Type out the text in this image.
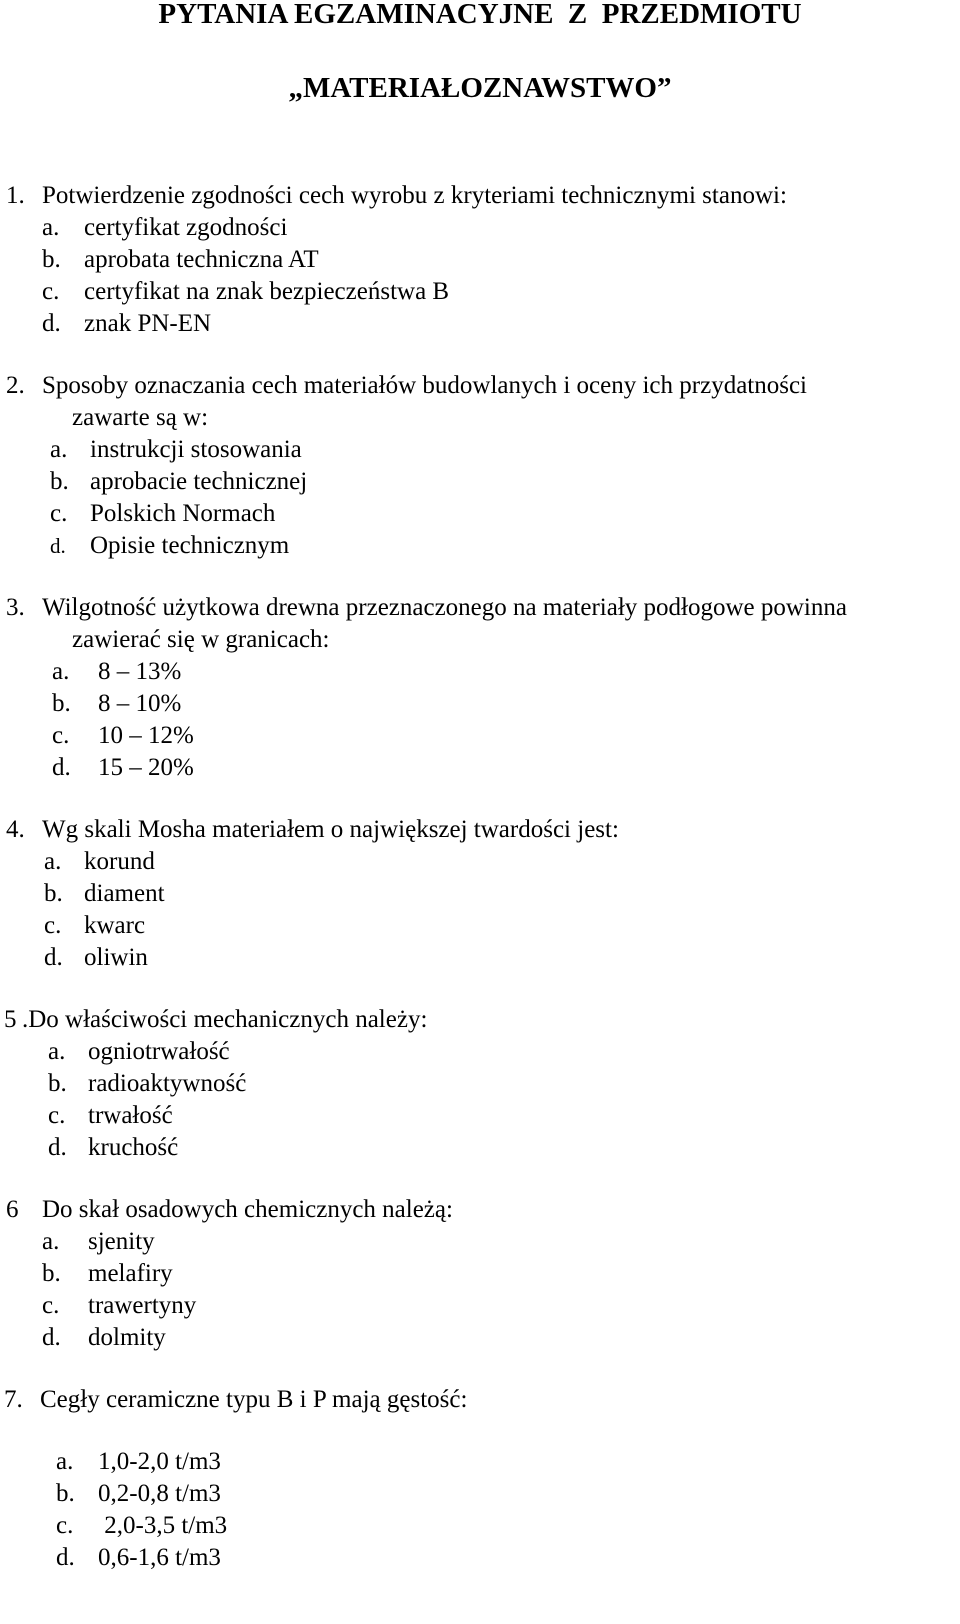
PYTANIA EGZAMINACYJNE  Z  PRZEDMIOTU
„MATERIAŁOZNAWSTWO”
1. Potwierdzenie zgodności cech wyrobu z kryteriami technicznymi stanowi:
a. certyfikat zgodności
b. aprobata techniczna AT
c. certyfikat na znak bezpieczeństwa B
d. znak PN-EN
2. Sposoby oznaczania cech materiałów budowlanych i oceny ich przydatności
zawarte są w:
a. instrukcji stosowania
b. aprobacie technicznej
c. Polskich Normach
d. Opisie technicznym
3. Wilgotność użytkowa drewna przeznaczonego na materiały podłogowe powinna
zawierać się w granicach:
a. 8 – 13%
b. 8 – 10%
c. 10 – 12%
d. 15 – 20%
4. Wg skali Mosha materiałem o największej twardości jest:
a. korund
b. diament
c. kwarc
d. oliwin
5 .Do właściwości mechanicznych należy:
a. ogniotrwałość
b. radioaktywność
c. trwałość
d. kruchość
6 Do skał osadowych chemicznych należą:
a. sjenity
b. melafiry
c. trawertyny
d. dolmity
7. Cegły ceramiczne typu B i P mają gęstość:
a. 1,0-2,0 t/m3
b. 0,2-0,8 t/m3
c. 2,0-3,5 t/m3
d. 0,6-1,6 t/m3
